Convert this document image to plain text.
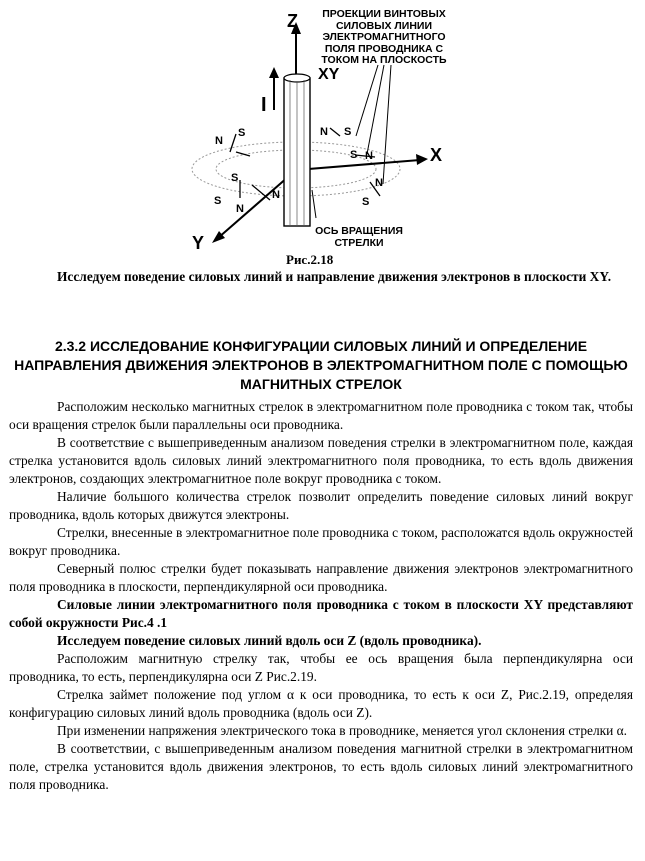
Z
X
Y
I
ПРОЕКЦИИ ВИНТОВЫХ СИЛОВЫХ ЛИНИИ ЭЛЕКТРОМАГНИТНОГО ПОЛЯ ПРОВОДНИКА С ТОКОМ НА ПЛОСКОСТЬ
XY
ОСЬ ВРАЩЕНИЯ СТРЕЛКИ
N
S	N S
S N
S
N
S
N
S
N
Рис.2.18

Исследуем поведение силовых линий и направление движения электронов в плоскости XY.

2.3.2 ИССЛЕДОВАНИЕ КОНФИГУРАЦИИ СИЛОВЫХ ЛИНИЙ И ОПРЕДЕЛЕНИЕ НАПРАВЛЕНИЯ ДВИЖЕНИЯ ЭЛЕКТРОНОВ В ЭЛЕКТРОМАГНИТНОМ ПОЛЕ С ПОМОЩЬЮ МАГНИТНЫХ СТРЕЛОК

Расположим несколько магнитных стрелок в электромагнитном поле проводника с током так, чтобы оси вращения стрелок были параллельны оси проводника.

В соответствие с вышеприведенным анализом поведения стрелки в электромагнитном поле, каждая стрелка установится вдоль силовых линий электромагнитного поля проводника, то есть вдоль движения электронов, создающих электромагнитное поле вокруг проводника с током.

Наличие большого количества стрелок позволит определить поведение силовых линий вокруг проводника, вдоль которых движутся электроны.

Стрелки, внесенные в электромагнитное поле проводника с током, расположатся вдоль окружностей вокруг проводника.

Северный полюс стрелки будет показывать направление движения электронов электромагнитного поля проводника в плоскости, перпендикулярной оси проводника.

Силовые линии электромагнитного поля проводника с током в плоскости XY представляют собой окружности Рис.4 .1

Исследуем поведение силовых линий вдоль оси Z (вдоль проводника).

Расположим магнитную стрелку так, чтобы ее ось вращения была перпендикулярна оси проводника, то есть, перпендикулярна оси Z Рис.2.19.

Стрелка займет положение под углом α к оси проводника, то есть к оси Z, Рис.2.19, определяя конфигурацию силовых линий вдоль проводника (вдоль оси Z).

При изменении напряжения электрического тока в проводнике, меняется угол склонения стрелки α.

В соответствии, с вышеприведенным анализом поведения магнитной стрелки в электромагнитном поле, стрелка установится вдоль движения электронов, то есть вдоль силовых линий электромагнитного поля проводника.
